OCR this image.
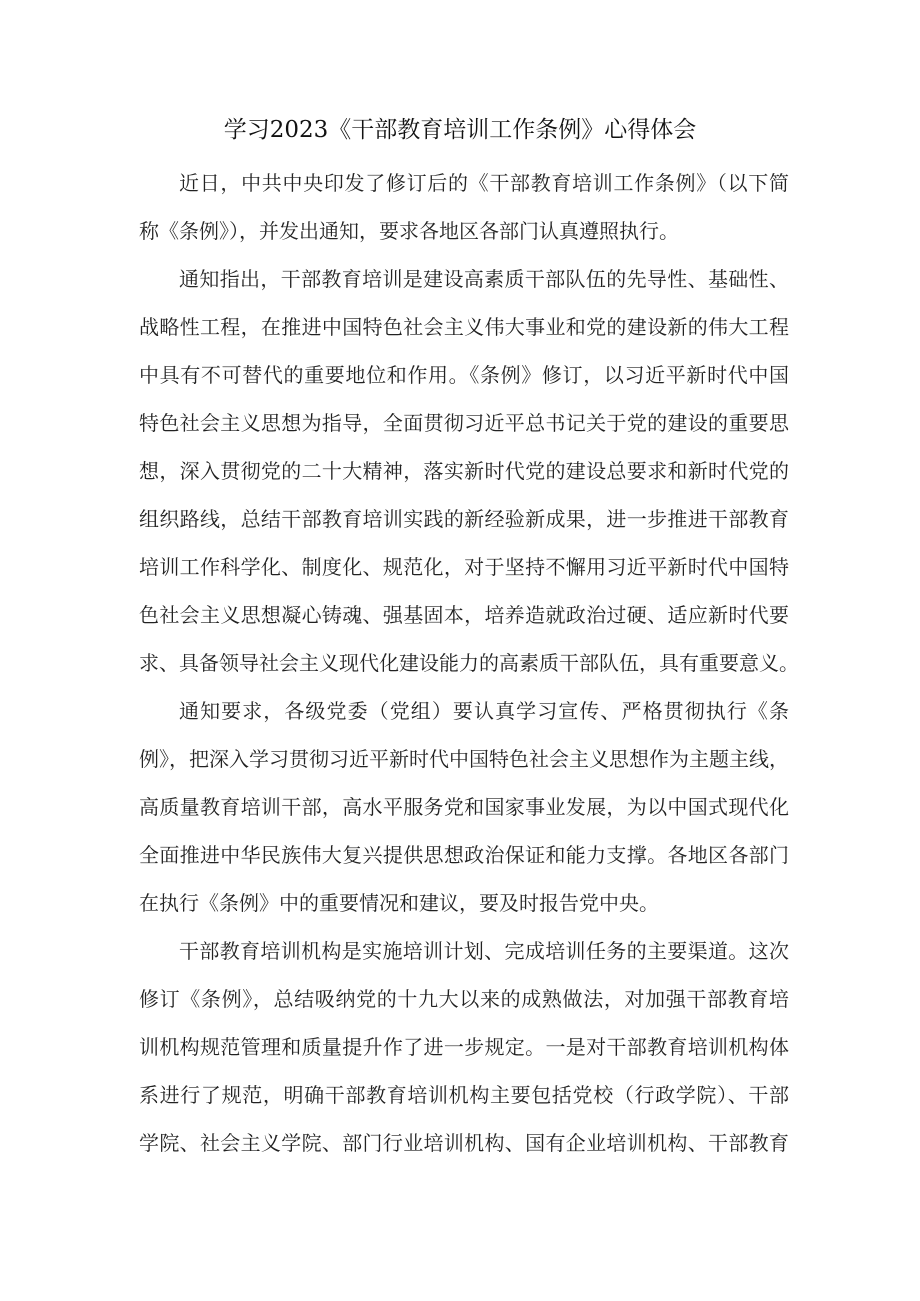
学习2023《干部教育培训工作条例》心得体会
近日，中共中央印发了修订后的《干部教育培训工作条例》（以下简
称《条例》），并发出通知，要求各地区各部门认真遵照执行。
通知指出，干部教育培训是建设高素质干部队伍的先导性、基础性、
战略性工程，在推进中国特色社会主义伟大事业和党的建设新的伟大工程
中具有不可替代的重要地位和作用。《条例》修订，以习近平新时代中国
特色社会主义思想为指导，全面贯彻习近平总书记关于党的建设的重要思
想，深入贯彻党的二十大精神，落实新时代党的建设总要求和新时代党的
组织路线，总结干部教育培训实践的新经验新成果，进一步推进干部教育
培训工作科学化、制度化、规范化，对于坚持不懈用习近平新时代中国特
色社会主义思想凝心铸魂、强基固本，培养造就政治过硬、适应新时代要
求、具备领导社会主义现代化建设能力的高素质干部队伍，具有重要意义。
通知要求，各级党委（党组）要认真学习宣传、严格贯彻执行《条
例》，把深入学习贯彻习近平新时代中国特色社会主义思想作为主题主线，
高质量教育培训干部，高水平服务党和国家事业发展，为以中国式现代化
全面推进中华民族伟大复兴提供思想政治保证和能力支撑。各地区各部门
在执行《条例》中的重要情况和建议，要及时报告党中央。
干部教育培训机构是实施培训计划、完成培训任务的主要渠道。这次
修订《条例》，总结吸纳党的十九大以来的成熟做法，对加强干部教育培
训机构规范管理和质量提升作了进一步规定。一是对干部教育培训机构体
系进行了规范，明确干部教育培训机构主要包括党校（行政学院）、干部
学院、社会主义学院、部门行业培训机构、国有企业培训机构、干部教育
